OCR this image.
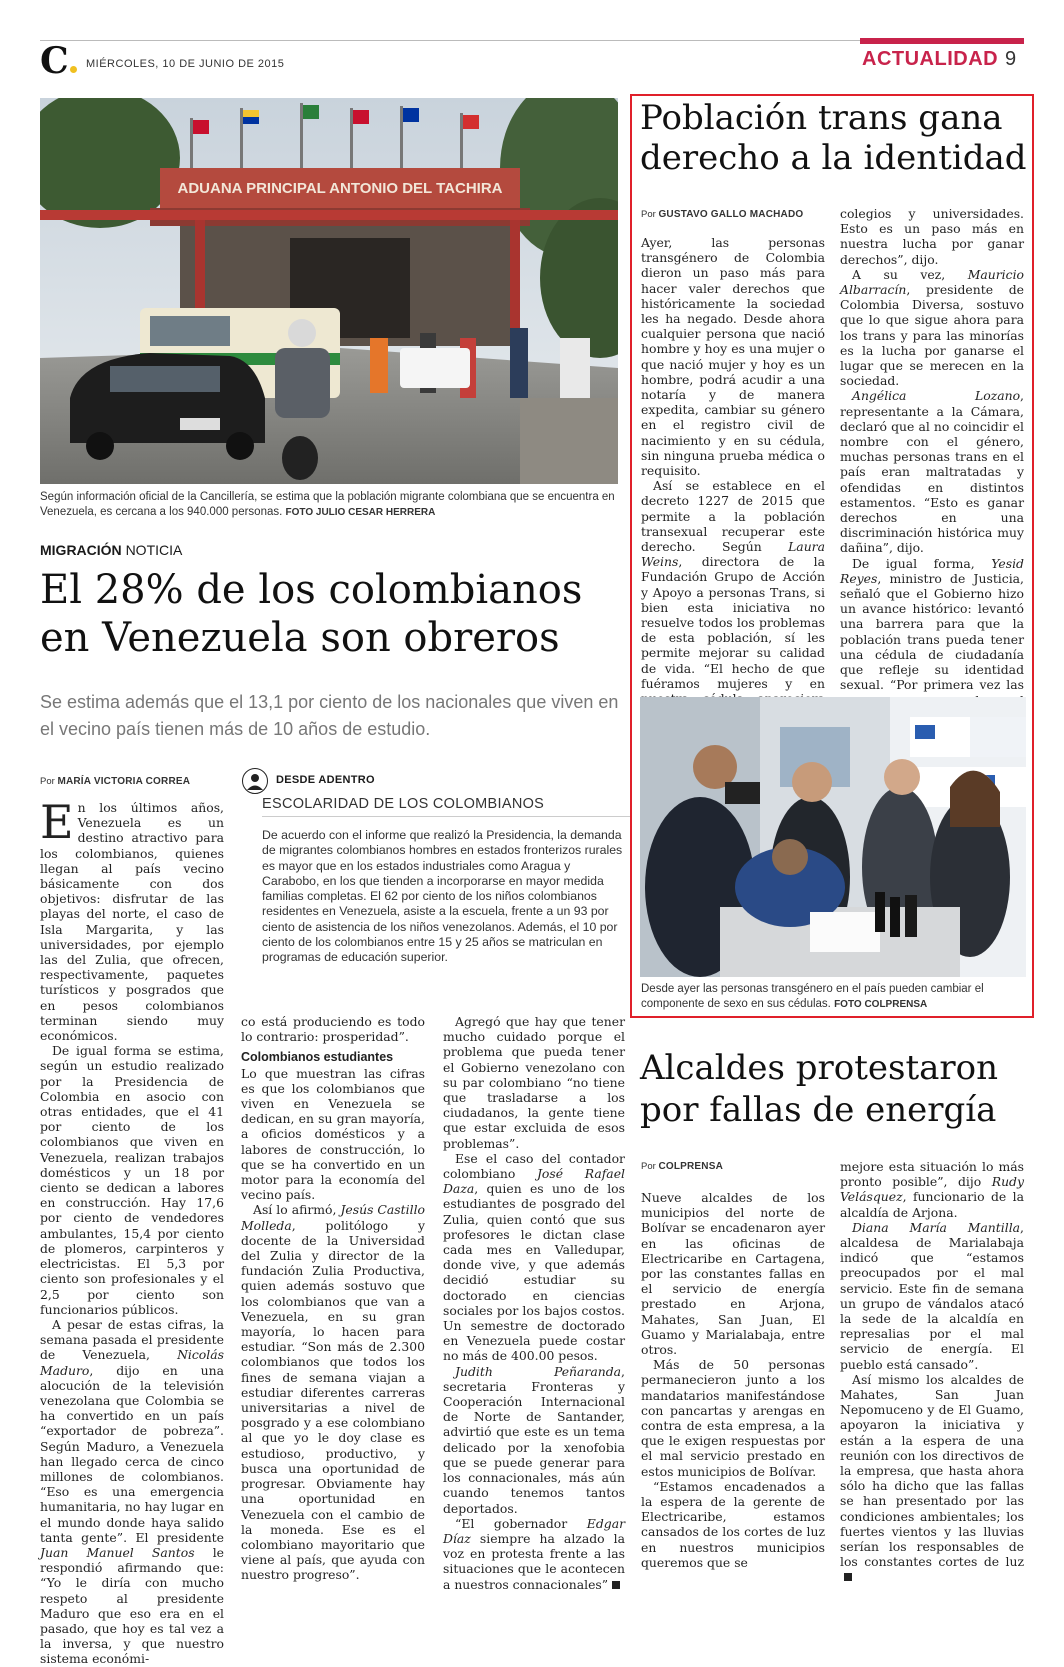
C	MIÉRCOLES, 10 DE JUNIO DE 2015	ACTUALIDAD 9
ADUANA PRINCIPAL ANTONIO DEL TACHIRA
Según información oficial de la Cancillería, se estima que la población migrante colombiana que se encuentra en Venezuela, es cercana a los 940.000 personas. FOTO JULIO CESAR HERRERA
MIGRACIÓN NOTICIA
El 28% de los colombianos en Venezuela son obreros
Se estima además que el 13,1 por ciento de los nacionales que viven en el vecino país tienen más de 10 años de estudio.
Por MARÍA VICTORIA CORREA

En los últimos años, Venezuela es un destino atractivo para los colombianos, quienes llegan al país vecino básicamente con dos objetivos: disfrutar de las playas del norte, el caso de Isla Margarita, y las universidades, por ejemplo las del Zulia, que ofrecen, respectivamente, paquetes turísticos y posgrados que en pesos colombianos terminan siendo muy económicos.

De igual forma se estima, según un estudio realizado por la Presidencia de Colombia en asocio con otras entidades, que el 41 por ciento de los colombianos que viven en Venezuela, realizan trabajos domésticos y un 18 por ciento se dedican a labores en construcción. Hay 17,6 por ciento de vendedores ambulantes, 15,4 por ciento de plomeros, carpinteros y electricistas. El 5,3 por ciento son profesionales y el 2,5 por ciento son funcionarios públicos.

A pesar de estas cifras, la semana pasada el presidente de Venezuela, Nicolás Maduro, dijo en una alocución de la televisión venezolana que Colombia se ha convertido en un país “exportador de pobreza”. Según Maduro, a Venezuela han llegado cerca de cinco millones de colombianos. “Eso es una emergencia humanitaria, no hay lugar en el mundo donde haya salido tanta gente”. El presidente Juan Manuel Santos le respondió afirmando que: “Yo le diría con mucho respeto al presidente Maduro que eso era en el pasado, que hoy es tal vez a la inversa, y que nuestro sistema económi-

DESDE ADENTRO
ESCOLARIDAD DE LOS COLOMBIANOS
De acuerdo con el informe que realizó la Presidencia, la demanda de migrantes colombianos hombres en estados fronterizos rurales es mayor que en los estados industriales como Aragua y Carabobo, en los que tienden a incorporarse en mayor medida familias completas. El 62 por ciento de los niños colombianos residentes en Venezuela, asiste a la escuela, frente a un 93 por ciento de asistencia de los niños venezolanos. Además, el 10 por ciento de los colombianos entre 15 y 25 años se matriculan en programas de educación superior.

co está produciendo es todo lo contrario: prosperidad”.

Colombianos estudiantes

Lo que muestran las cifras es que los colombianos que viven en Venezuela se dedican, en su gran mayoría, a oficios domésticos y a labores de construcción, lo que se ha convertido en un motor para la economía del vecino país.

Así lo afirmó, Jesús Castillo Molleda, politólogo y docente de la Universidad del Zulia y director de la fundación Zulia Productiva, quien además sostuvo que los colombianos que van a Venezuela, en su gran mayoría, lo hacen para estudiar. “Son más de 2.300 colombianos que todos los fines de semana viajan a estudiar diferentes carreras universitarias a nivel de posgrado y a ese colombiano al que yo le doy clase es estudioso, productivo, y busca una oportunidad de progresar. Obviamente hay una oportunidad en Venezuela con el cambio de la moneda. Ese es el colombiano mayoritario que viene al país, que ayuda con nuestro progreso”.

Agregó que hay que tener mucho cuidado porque el problema que pueda tener el Gobierno venezolano con su par colombiano “no tiene que trasladarse a los ciudadanos, la gente tiene que estar excluida de esos problemas”.

Ese el caso del contador colombiano José Rafael Daza, quien es uno de los estudiantes de posgrado del Zulia, quien contó que sus profesores le dictan clase cada mes en Valledupar, donde vive, y que además decidió estudiar su doctorado en ciencias sociales por los bajos costos. Un semestre de doctorado en Venezuela puede costar no más de 400.00 pesos.

Judith Peñaranda, secretaria Fronteras y Cooperación Internacional de Norte de Santander, advirtió que este es un tema delicado por la xenofobia que se puede generar para los connacionales, más aún cuando tenemos tantos deportados.

“El gobernador Edgar Díaz siempre ha alzado la voz en protesta frente a las situaciones que le acontecen a nuestros connacionales”

Población trans gana derecho a la identidad
Por GUSTAVO GALLO MACHADO

Ayer, las personas transgénero de Colombia dieron un paso más para hacer valer derechos que históricamente la sociedad les ha negado. Desde ahora cualquier persona que nació hombre y hoy es una mujer o que nació mujer y hoy es un hombre, podrá acudir a una notaría y de manera expedita, cambiar su género en el registro civil de nacimiento y en su cédula, sin ninguna prueba médica o requisito.

Así se establece en el decreto 1227 de 2015 que permite a la población transexual recuperar este derecho. Según Laura Weins, directora de la Fundación Grupo de Acción y Apoyo a personas Trans, si bien esta iniciativa no resuelve todos los problemas de esta población, sí les permite mejorar su calidad de vida. “El hecho de que fuéramos mujeres y en

colegios y universidades. Esto es un paso más en nuestra lucha por ganar derechos”, dijo.

A su vez, Mauricio Albarracín, presidente de Colombia Diversa, sostuvo que lo que sigue ahora para los trans y para las minorías es la lucha por ganarse el lugar que se merecen en la sociedad.

Angélica Lozano, representante a la Cámara, declaró que al no coincidir el nombre con el género, muchas personas trans en el país eran maltratadas y ofendidas en distintos estamentos. “Esto es ganar derechos en una discriminación histórica muy dañina”, dijo.

De igual forma, Yesid Reyes, ministro de Justicia, señaló que el Gobierno hizo un avance histórico: levantó una barrera para que la población trans pueda tener una cédula de ciudadanía que refleje su identidad sexual. “Por primera vez las

Desde ayer las personas transgénero en el país pueden cambiar el componente de sexo en sus cédulas. FOTO COLPRENSA
Alcaldes protestaron por fallas de energía
Por COLPRENSA

Nueve alcaldes de los municipios del norte de Bolívar se encadenaron ayer en las oficinas de Electricaribe en Cartagena, por las constantes fallas en el servicio de energía prestado en Arjona, Mahates, San Juan, El Guamo y Marialabaja, entre otros.

Más de 50 personas permanecieron junto a los mandatarios manifestándose con pancartas y arengas en contra de esta empresa, a la que le exigen respuestas por el mal servicio prestado en estos municipios de Bolívar.

“Estamos encadenados a la espera de la gerente de Electricaribe, estamos cansados de los cortes de luz en nuestros municipios queremos que se

mejore esta situación lo más pronto posible”, dijo Rudy Velásquez, funcionario de la alcaldía de Arjona.

Diana María Mantilla, alcaldesa de Marialabaja indicó que “estamos preocupados por el mal servicio. Este fin de semana un grupo de vándalos atacó la sede de la alcaldía en represalias por el mal servicio de energía. El pueblo está cansado”.

Así mismo los alcaldes de Mahates, San Juan Nepomuceno y de El Guamo, apoyaron la iniciativa y están a la espera de una reunión con los directivos de la empresa, que hasta ahora sólo ha dicho que las fallas se han presentado por las condiciones ambientales; los fuertes vientos y las lluvias serían los responsables de los constantes cortes de luz
